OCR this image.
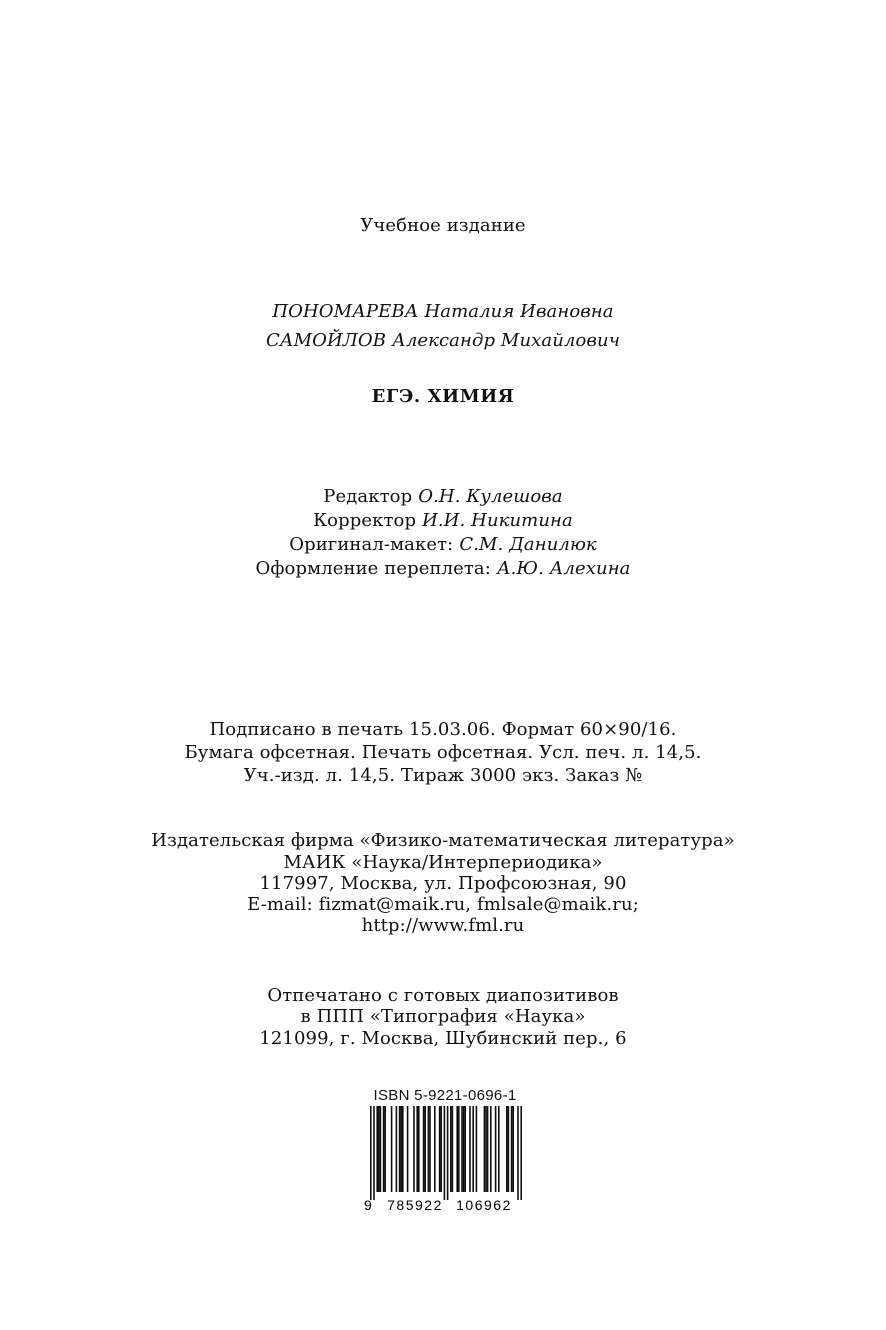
Учебное издание
ПОНОМАРЕВА Наталия Ивановна
САМОЙЛОВ Александр Михайлович
ЕГЭ. ХИМИЯ
Редактор О.Н. Кулешова
Корректор И.И. Никитина
Оригинал-макет: С.М. Данилюк
Оформление переплета: А.Ю. Алехина
Подписано в печать 15.03.06. Формат 60×90/16.
Бумага офсетная. Печать офсетная. Усл. печ. л. 14,5.
Уч.-изд. л. 14,5. Тираж 3000 экз. Заказ №
Издательская фирма «Физико-математическая литература»
МАИК «Наука/Интерпериодика»
117997, Москва, ул. Профсоюзная, 90
E-mail: fizmat@maik.ru, fmlsale@maik.ru;
http://www.fml.ru
Отпечатано с готовых диапозитивов
в ППП «Типография «Наука»
121099, г. Москва, Шубинский пер., 6
ISBN 5-9221-0696-1
9 785922 106962
